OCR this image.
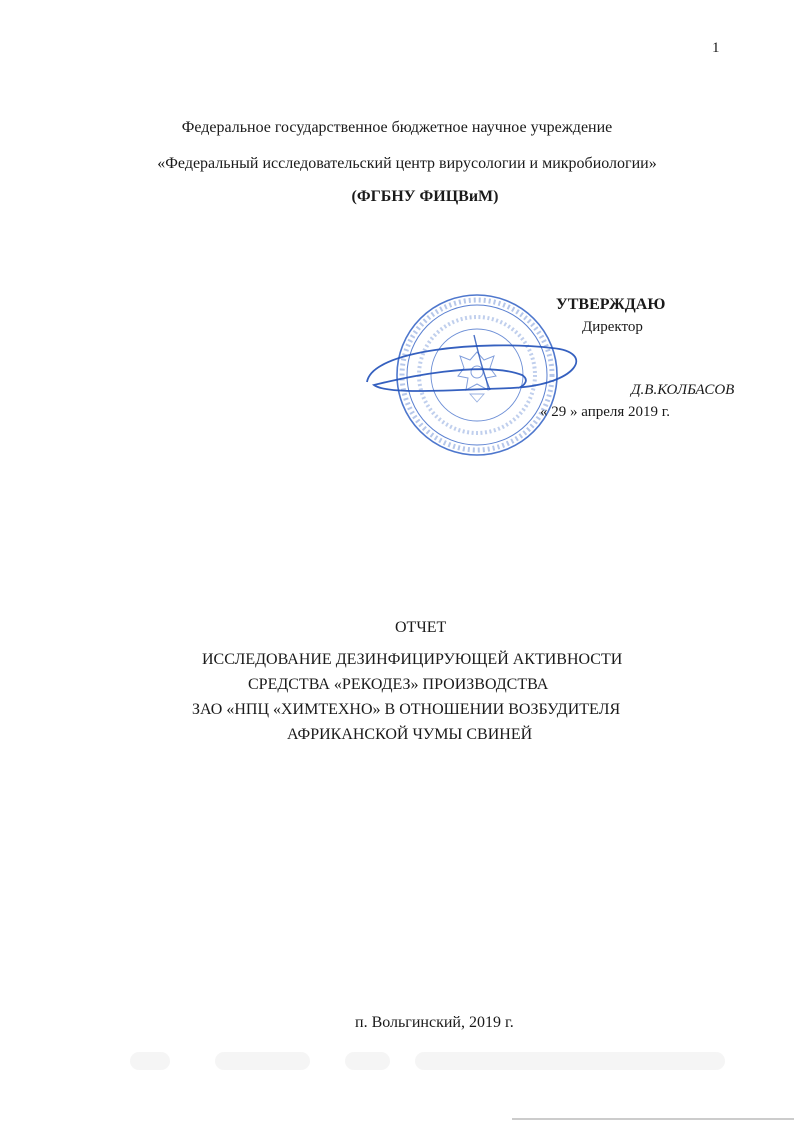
1
Федеральное государственное бюджетное научное учреждение
«Федеральный исследовательский центр вирусологии и микробиологии»
(ФГБНУ ФИЦВиМ)
УТВЕРЖДАЮ
Директор
Д.В.КОЛБАСОВ
« 29 » апреля 2019 г.
ОТЧЕТ
ИССЛЕДОВАНИЕ ДЕЗИНФИЦИРУЮЩЕЙ АКТИВНОСТИ
СРЕДСТВА «РЕКОДЕЗ» ПРОИЗВОДСТВА
ЗАО «НПЦ «ХИМТЕХНО» В ОТНОШЕНИИ ВОЗБУДИТЕЛЯ
АФРИКАНСКОЙ ЧУМЫ СВИНЕЙ
п. Вольгинский, 2019 г.
